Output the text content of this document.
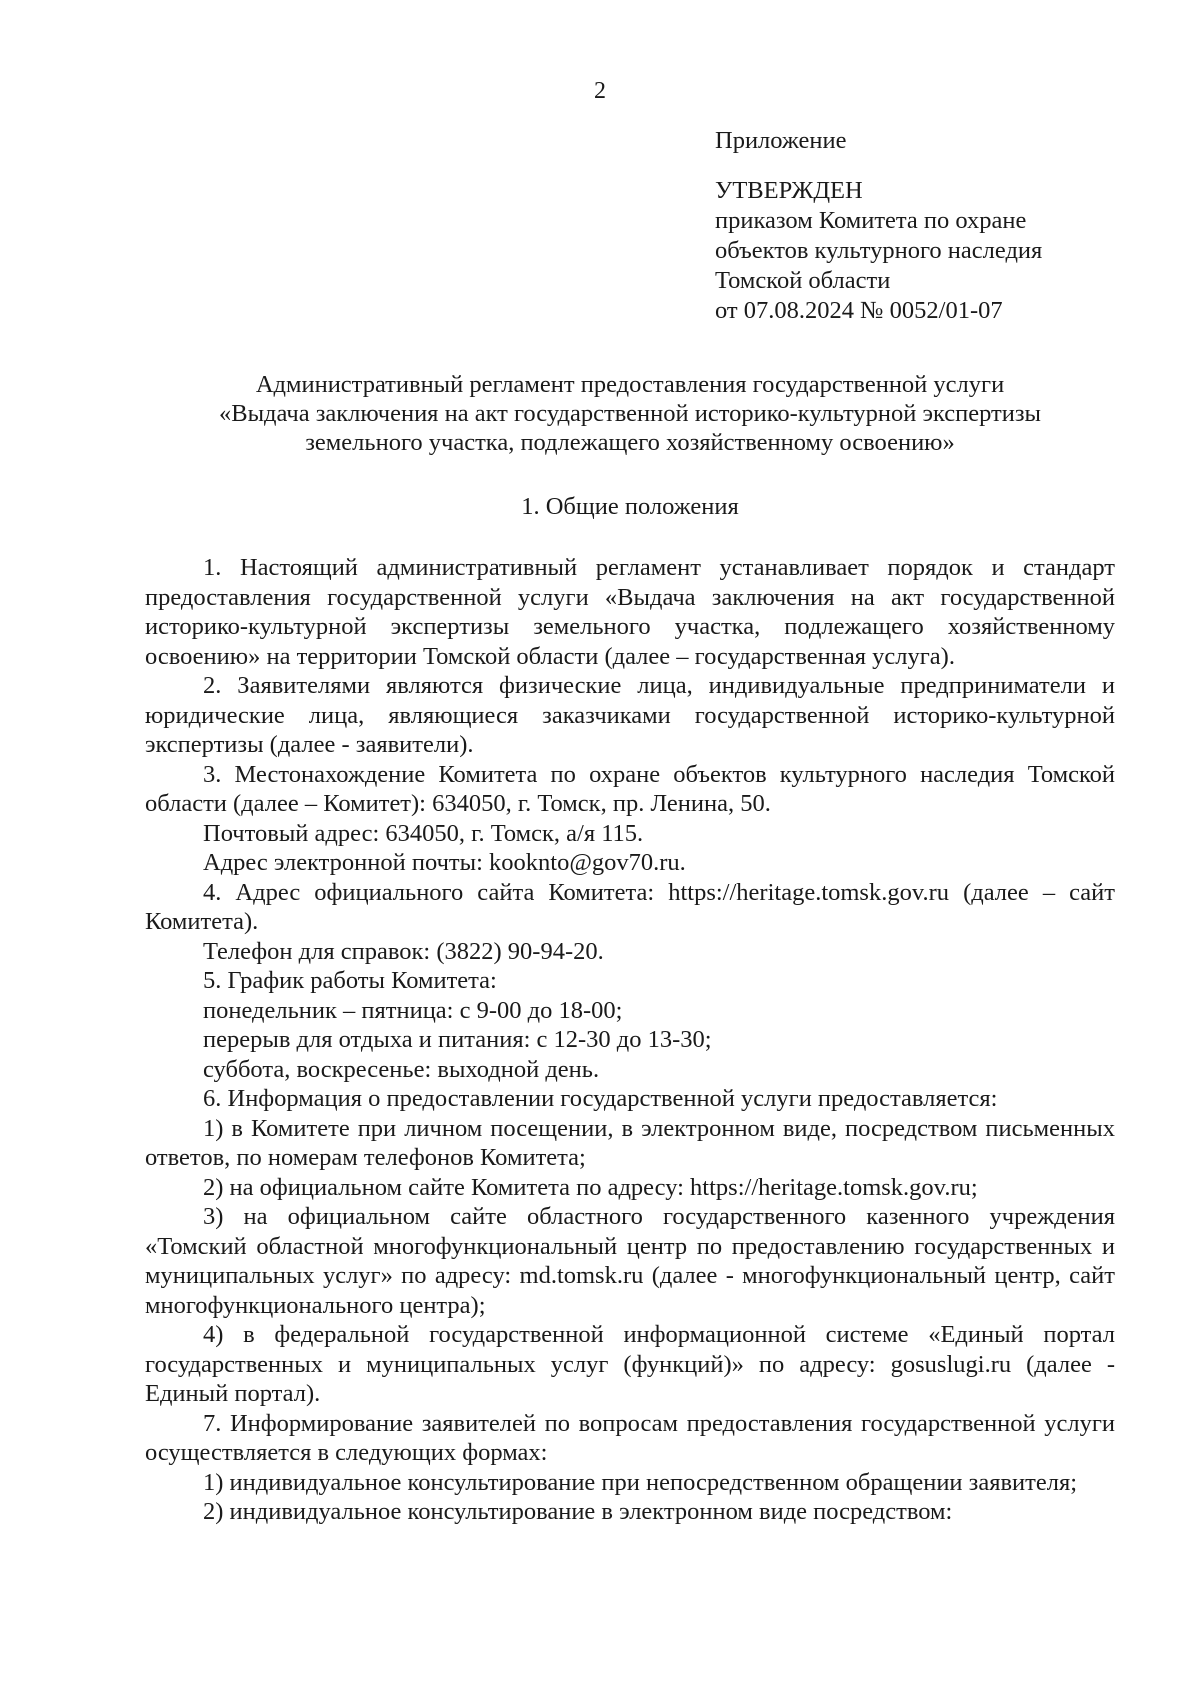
2
Приложение
УТВЕРЖДЕН
приказом Комитета по охране
объектов культурного наследия
Томской области
от 07.08.2024 № 0052/01-07
Административный регламент предоставления государственной услуги
«Выдача заключения на акт государственной историко-культурной экспертизы
земельного участка, подлежащего хозяйственному освоению»
1. Общие положения

1. Настоящий административный регламент устанавливает порядок и стандарт предоставления государственной услуги «Выдача заключения на акт государственной историко-культурной экспертизы земельного участка, подлежащего хозяйственному освоению» на территории Томской области (далее – государственная услуга).

2. Заявителями являются физические лица, индивидуальные предприниматели и юридические лица, являющиеся заказчиками государственной историко-культурной экспертизы (далее - заявители).

3. Местонахождение Комитета по охране объектов культурного наследия Томской области (далее – Комитет): 634050, г. Томск, пр. Ленина, 50.

Почтовый адрес: 634050, г. Томск, а/я 115.

Адрес электронной почты: kooknto@gov70.ru.

4. Адрес официального сайта Комитета: https://heritage.tomsk.gov.ru (далее – сайт Комитета).

Телефон для справок: (3822) 90-94-20.

5. График работы Комитета:

понедельник – пятница: с 9-00 до 18-00;

перерыв для отдыха и питания: с 12-30 до 13-30;

суббота, воскресенье: выходной день.

6. Информация о предоставлении государственной услуги предоставляется:

1) в Комитете при личном посещении, в электронном виде, посредством письменных ответов, по номерам телефонов Комитета;

2) на официальном сайте Комитета по адресу: https://heritage.tomsk.gov.ru;

3) на официальном сайте областного государственного казенного учреждения «Томский областной многофункциональный центр по предоставлению государственных и муниципальных услуг» по адресу: md.tomsk.ru (далее - многофункциональный центр, сайт многофункционального центра);

4) в федеральной государственной информационной системе «Единый портал государственных и муниципальных услуг (функций)» по адресу: gosuslugi.ru (далее - Единый портал).

7. Информирование заявителей по вопросам предоставления государственной услуги осуществляется в следующих формах:

1) индивидуальное консультирование при непосредственном обращении заявителя;

2) индивидуальное консультирование в электронном виде посредством:
